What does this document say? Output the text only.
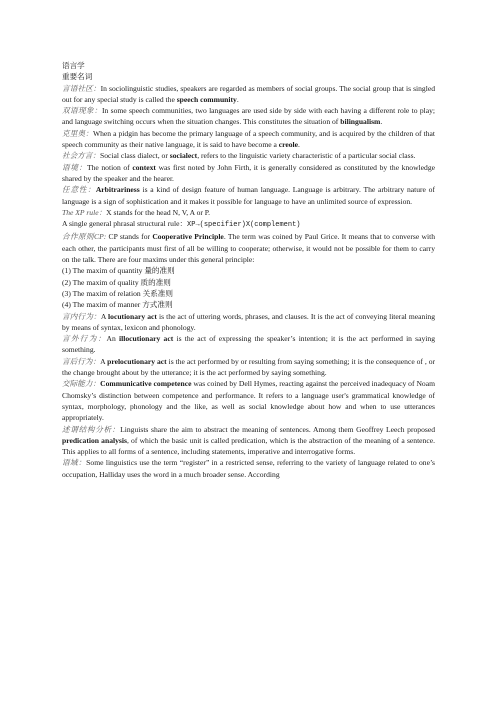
语言学

重要名词

言语社区：In sociolinguistic studies, speakers are regarded as members of social groups. The social group that is singled out for any special study is called the speech community.

双语现象：In some speech communities, two languages are used side by side with each having a different role to play; and language switching occurs when the situation changes. This constitutes the situation of bilingualism.

克里奥：When a pidgin has become the primary language of a speech community, and is acquired by the children of that speech community as their native language, it is said to have become a creole.

社会方言：Social class dialect, or socialect, refers to the linguistic variety characteristic of a particular social class.

语境：The notion of context was first noted by John Firth, it is generally considered as constituted by the knowledge shared by the speaker and the hearer.

任意性：Arbitrariness is a kind of design feature of human language. Language is arbitrary. The arbitrary nature of language is a sign of sophistication and it makes it possible for language to have an unlimited source of expression.

The XP rule：X stands for the head N, V, A or P.

A single general phrasal structural rule：XP→(specifier)X(complement)

合作原则CP: CP stands for Cooperative Principle. The term was coined by Paul Grice. It means that to converse with each other, the participants must first of all be willing to cooperate; otherwise, it would not be possible for them to carry on the talk. There are four maxims under this general principle:

(1) The maxim of quantity 量的准则

(2) The maxim of quality 质的准则

(3) The maxim of relation 关系准则

(4) The maxim of manner 方式准则

言内行为：A locutionary act is the act of uttering words, phrases, and clauses. It is the act of conveying literal meaning by means of syntax, lexicon and phonology.

言外行为：An illocutionary act is the act of expressing the speaker’s intention; it is the act performed in saying something.

言后行为：A prelocutionary act is the act performed by or resulting from saying something; it is the consequence of , or the change brought about by the utterance; it is the act performed by saying something.

交际能力：Communicative competence was coined by Dell Hymes, reacting against the perceived inadequacy of Noam Chomsky’s distinction between competence and performance. It refers to a language user's grammatical knowledge of syntax, morphology, phonology and the like, as well as social knowledge about how and when to use utterances appropriately.

述谓结构分析：Linguists share the aim to abstract the meaning of sentences. Among them Geoffrey Leech proposed predication analysis, of which the basic unit is called predication, which is the abstraction of the meaning of a sentence. This applies to all forms of a sentence, including statements, imperative and interrogative forms.

语域：Some linguistics use the term “register” in a restricted sense, referring to the variety of language related to one’s occupation, Halliday uses the word in a much broader sense. According
